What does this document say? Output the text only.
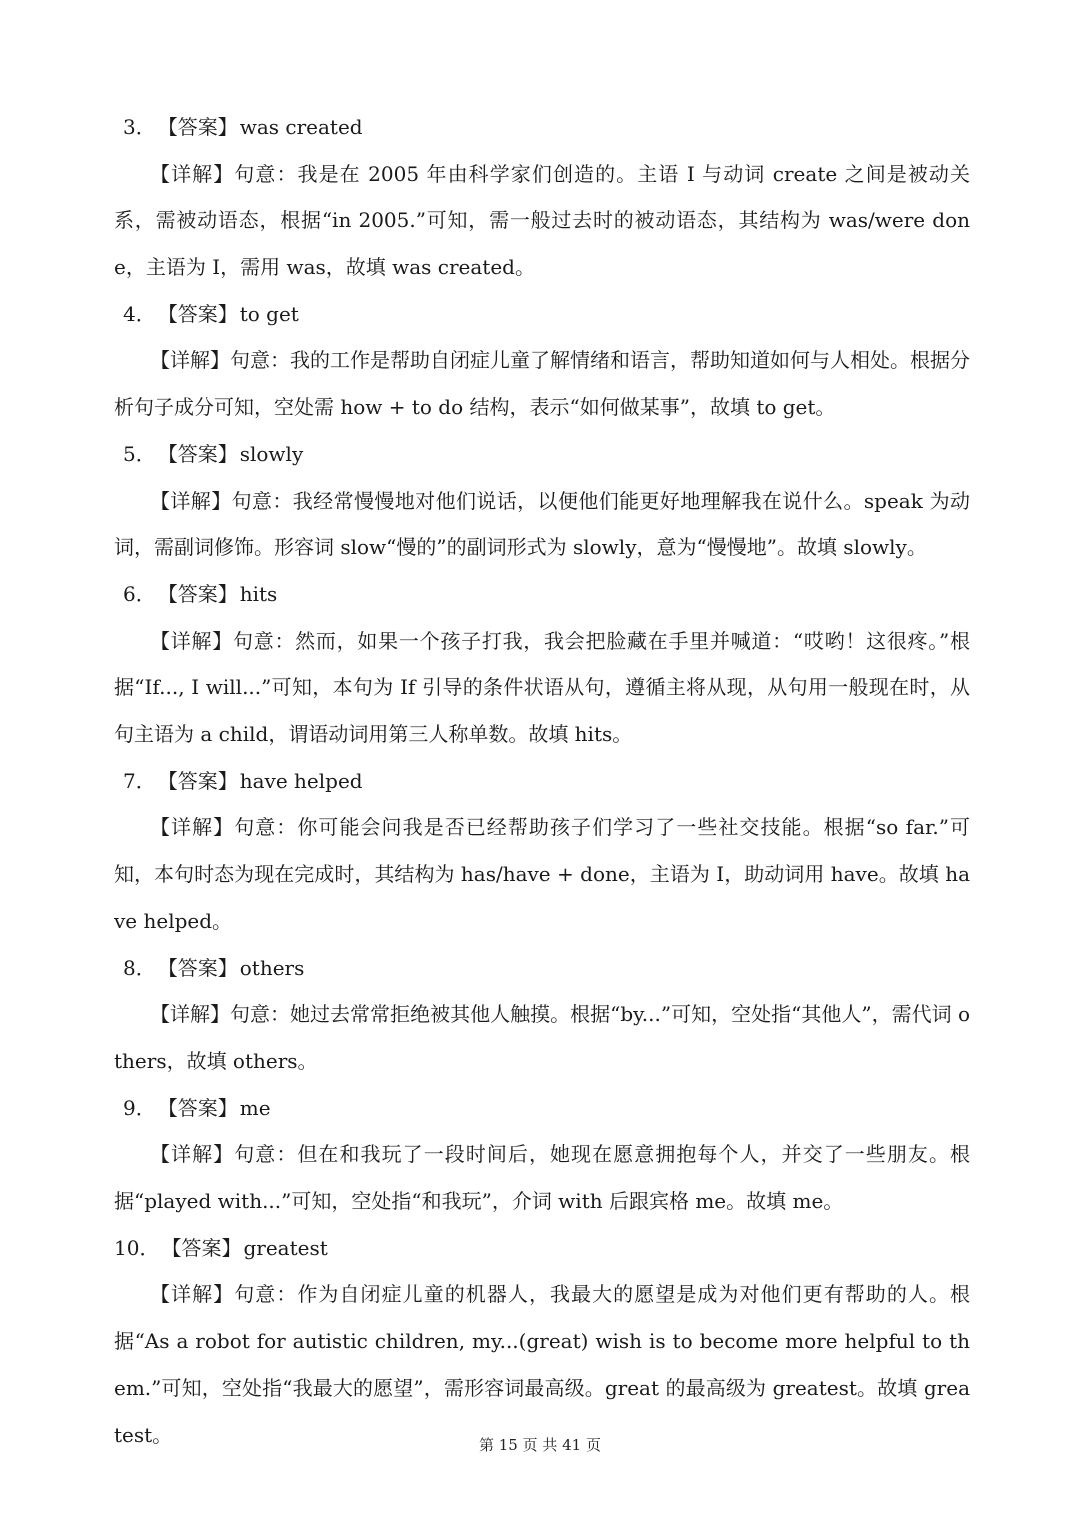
3． 【答案】 was created

【详解】句意：我是在 2005 年由科学家们创造的。主语 I 与动词 create 之间是被动关系，需被动语态，根据“in 2005.”可知，需一般过去时的被动语态，其结构为 was/were done，主语为 I，需用 was，故填 was created。

4． 【答案】 to get

【详解】句意：我的工作是帮助自闭症儿童了解情绪和语言，帮助知道如何与人相处。根据分析句子成分可知，空处需 how + to do 结构，表示“如何做某事”，故填 to get。

5． 【答案】 slowly

【详解】句意：我经常慢慢地对他们说话，以便他们能更好地理解我在说什么。speak 为动词，需副词修饰。形容词 slow“慢的”的副词形式为 slowly，意为“慢慢地”。故填 slowly。

6． 【答案】 hits

【详解】句意：然而，如果一个孩子打我，我会把脸藏在手里并喊道：“哎哟！这很疼。”根据“If..., I will...”可知，本句为 If 引导的条件状语从句，遵循主将从现，从句用一般现在时，从句主语为 a child，谓语动词用第三人称单数。故填 hits。

7． 【答案】 have helped

【详解】句意：你可能会问我是否已经帮助孩子们学习了一些社交技能。根据“so far.”可知，本句时态为现在完成时，其结构为 has/have + done，主语为 I，助动词用 have。故填 have helped。

8． 【答案】 others

【详解】句意：她过去常常拒绝被其他人触摸。根据“by...”可知，空处指“其他人”，需代词 others，故填 others。

9． 【答案】 me

【详解】句意：但在和我玩了一段时间后，她现在愿意拥抱每个人，并交了一些朋友。根据“played with...”可知，空处指“和我玩”，介词 with 后跟宾格 me。故填 me。

10． 【答案】 greatest

【详解】句意：作为自闭症儿童的机器人，我最大的愿望是成为对他们更有帮助的人。根据“As a robot for autistic children, my...(great) wish is to become more helpful to them.”可知，空处指“我最大的愿望”，需形容词最高级。great 的最高级为 greatest。故填 greatest。	第 15 页 共 41 页
